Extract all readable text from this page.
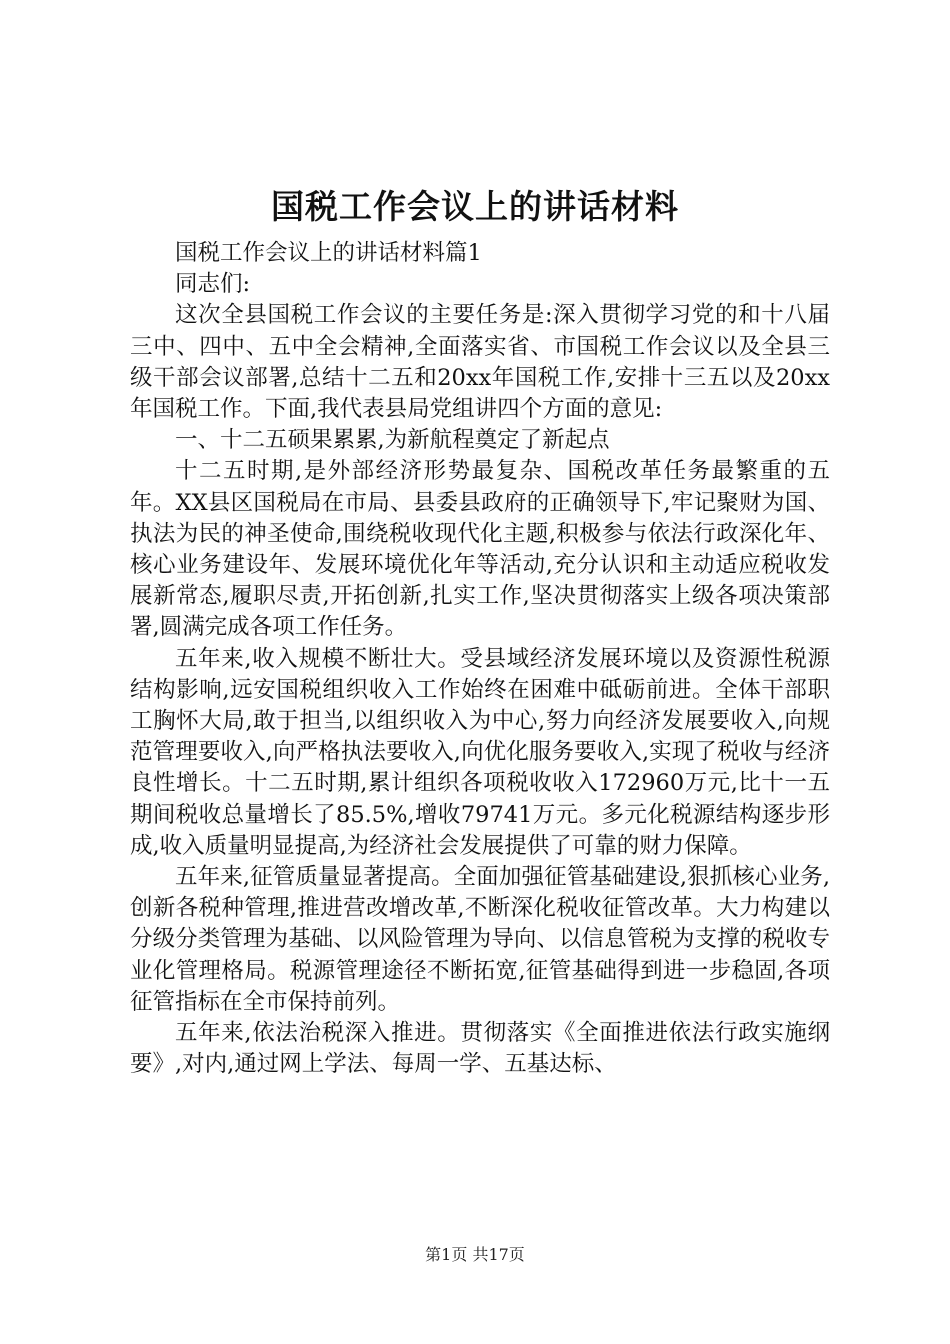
国税工作会议上的讲话材料

国税工作会议上的讲话材料篇1

同志们:

这次全县国税工作会议的主要任务是:深入贯彻学习党的和十八届三中、四中、五中全会精神,全面落实省、市国税工作会议以及全县三级干部会议部署,总结十二五和20xx年国税工作,安排十三五以及20xx年国税工作。下面,我代表县局党组讲四个方面的意见:

一、十二五硕果累累,为新航程奠定了新起点

十二五时期,是外部经济形势最复杂、国税改革任务最繁重的五年。XX县区国税局在市局、县委县政府的正确领导下,牢记聚财为国、执法为民的神圣使命,围绕税收现代化主题,积极参与依法行政深化年、核心业务建设年、发展环境优化年等活动,充分认识和主动适应税收发展新常态,履职尽责,开拓创新,扎实工作,坚决贯彻落实上级各项决策部署,圆满完成各项工作任务。

五年来,收入规模不断壮大。受县域经济发展环境以及资源性税源结构影响,远安国税组织收入工作始终在困难中砥砺前进。全体干部职工胸怀大局,敢于担当,以组织收入为中心,努力向经济发展要收入,向规范管理要收入,向严格执法要收入,向优化服务要收入,实现了税收与经济良性增长。十二五时期,累计组织各项税收收入172960万元,比十一五期间税收总量增长了85.5%,增收79741万元。多元化税源结构逐步形成,收入质量明显提高,为经济社会发展提供了可靠的财力保障。

五年来,征管质量显著提高。全面加强征管基础建设,狠抓核心业务,创新各税种管理,推进营改增改革,不断深化税收征管改革。大力构建以分级分类管理为基础、以风险管理为导向、以信息管税为支撑的税收专业化管理格局。税源管理途径不断拓宽,征管基础得到进一步稳固,各项征管指标在全市保持前列。

五年来,依法治税深入推进。贯彻落实《全面推进依法行政实施纲要》,对内,通过网上学法、每周一学、五基达标、

第1页 共17页
